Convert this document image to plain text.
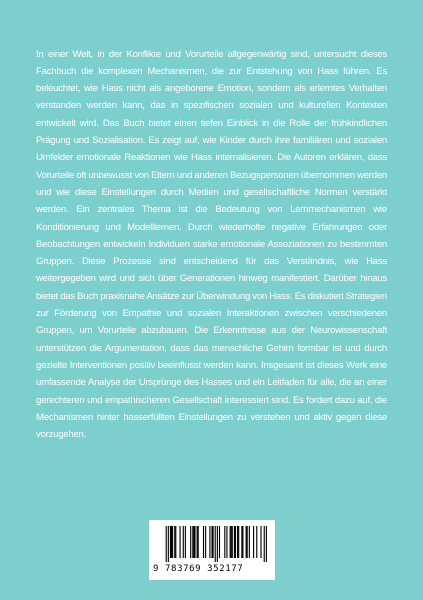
In einer Welt, in der Konflikte und Vorurteile allgegenwärtig sind, untersucht dieses Fachbuch die komplexen Mechanismen, die zur Entstehung von Hass führen. Es beleuchtet, wie Hass nicht als angeborene Emotion, sondern als erlerntes Verhalten verstanden werden kann, das in spezifischen sozialen und kulturellen Kontexten entwickelt wird. Das Buch bietet einen tiefen Einblick in die Rolle der frühkindlichen Prägung und Sozialisation. Es zeigt auf, wie Kinder durch ihre familiären und sozialen Umfelder emotionale Reaktionen wie Hass internalisieren. Die Autoren erklären, dass Vorurteile oft unbewusst von Eltern und anderen Bezugspersonen übernommen werden und wie diese Einstellungen durch Medien und gesellschaftliche Normen verstärkt werden. Ein zentrales Thema ist die Bedeutung von Lernmechanismen wie Konditionierung und Modelllernen. Durch wiederholte negative Erfahrungen oder Beobachtungen entwickeln Individuen starke emotionale Assoziationen zu bestimmten Gruppen. Diese Prozesse sind entscheidend für das Verständnis, wie Hass weitergegeben wird und sich über Generationen hinweg manifestiert. Darüber hinaus bietet das Buch praxisnahe Ansätze zur Überwindung von Hass. Es diskutiert Strategien zur Förderung von Empathie und sozialen Interaktionen zwischen verschiedenen Gruppen, um Vorurteile abzubauen. Die Erkenntnisse aus der Neurowissenschaft unterstützen die Argumentation, dass das menschliche Gehirn formbar ist und durch gezielte Interventionen positiv beeinflusst werden kann. Insgesamt ist dieses Werk eine umfassende Analyse der Ursprünge des Hasses und ein Leitfaden für alle, die an einer gerechteren und empathischeren Gesellschaft interessiert sind. Es fordert dazu auf, die Mechanismen hinter hasserfüllten Einstellungen zu verstehen und aktiv gegen diese vorzugehen.

9 783769 352177
